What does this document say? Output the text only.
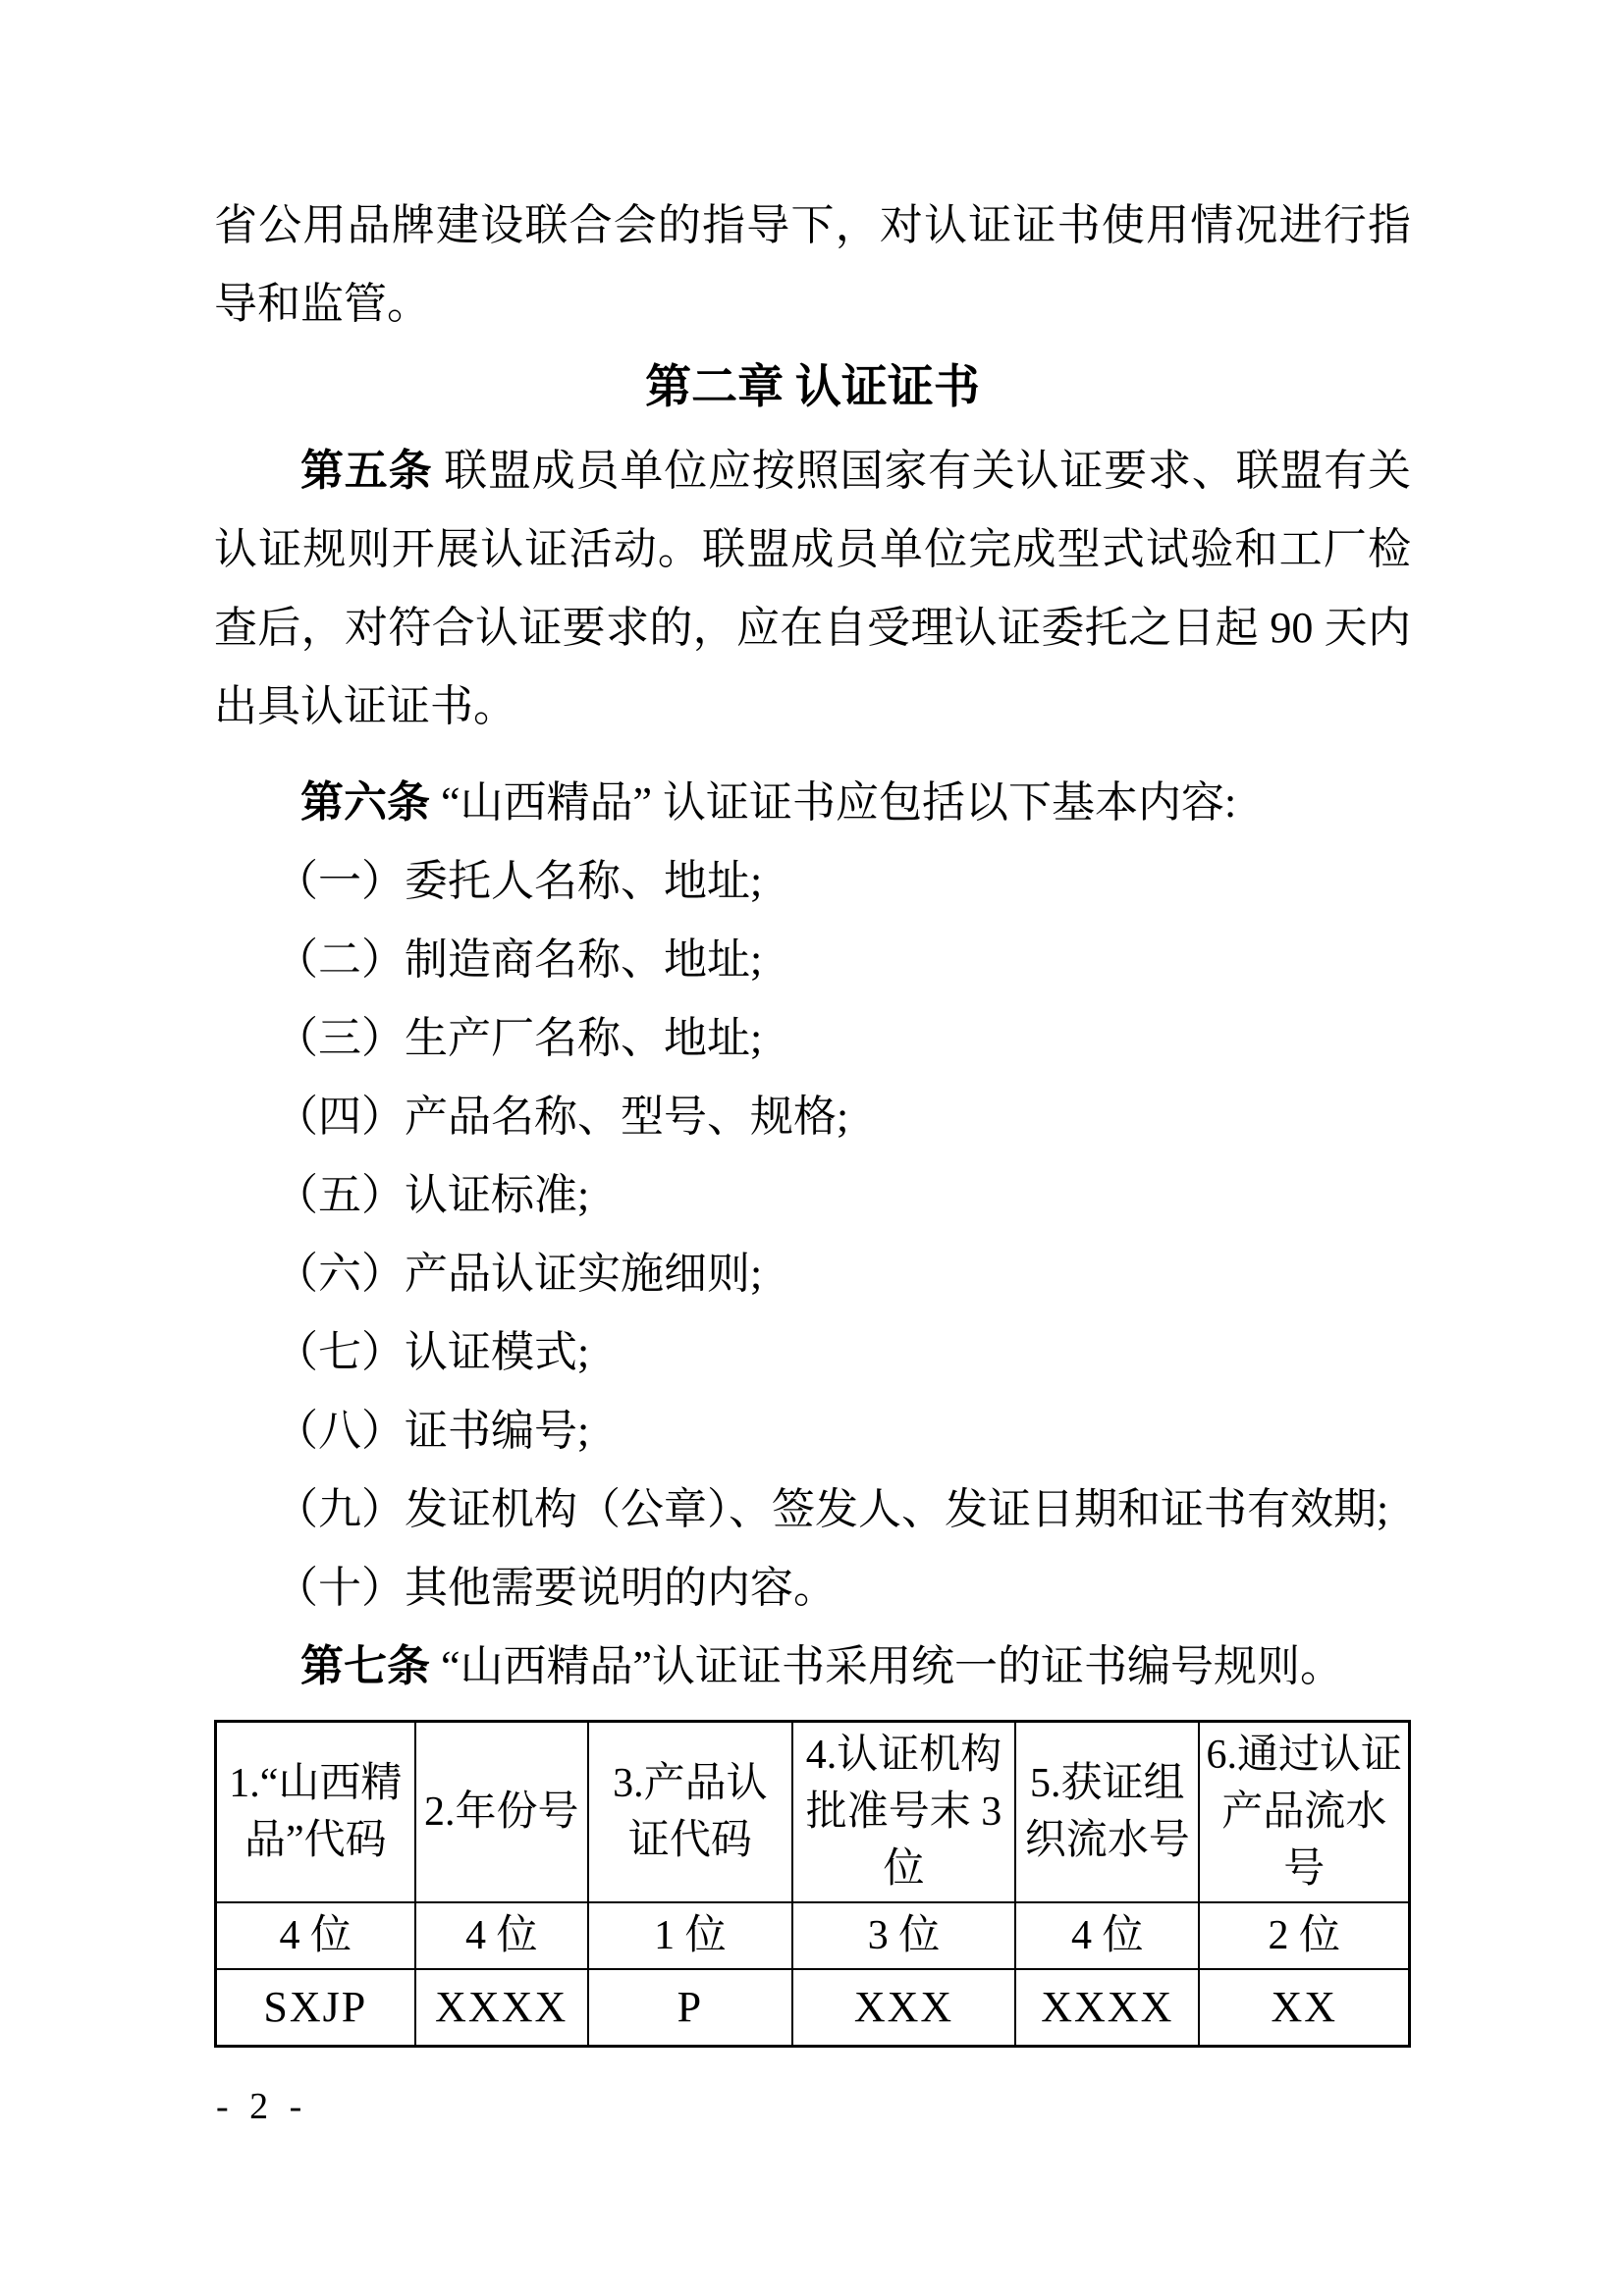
省公用品牌建设联合会的指导下，对认证证书使用情况进行指导和监管。

第二章 认证证书

第五条 联盟成员单位应按照国家有关认证要求、联盟有关认证规则开展认证活动。联盟成员单位完成型式试验和工厂检查后，对符合认证要求的，应在自受理认证委托之日起 90 天内出具认证证书。

第六条 “山西精品” 认证证书应包括以下基本内容:

（一）委托人名称、地址;

（二）制造商名称、地址;

（三）生产厂名称、地址;

（四）产品名称、型号、规格;

（五）认证标准;

（六）产品认证实施细则;

（七）认证模式;

（八）证书编号;

（九）发证机构（公章）、签发人、发证日期和证书有效期;

（十）其他需要说明的内容。

第七条 “山西精品”认证证书采用统一的证书编号规则。

1.“山西精品”代码	2.年份号	3.产品认证代码	4.认证机构批准号末 3 位	5.获证组织流水号	6.通过认证产品流水号
4 位	4 位	1 位	3 位	4 位	2 位
SXJP	XXXX	P	XXX	XXXX	XX
- 2 -
